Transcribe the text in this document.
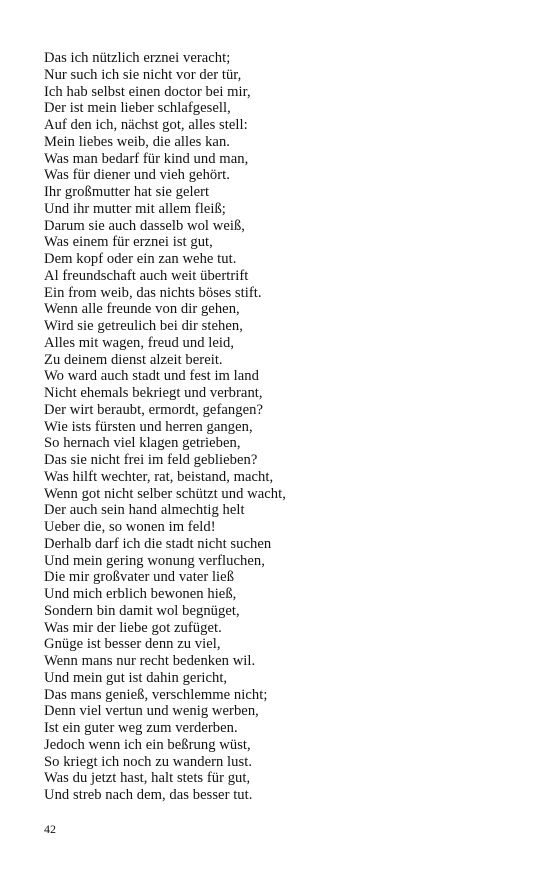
Das ich nützlich erznei veracht;
Nur such ich sie nicht vor der tür,
Ich hab selbst einen doctor bei mir,
Der ist mein lieber schlafgesell,
Auf den ich, nächst got, alles stell:
Mein liebes weib, die alles kan.
Was man bedarf für kind und man,
Was für diener und vieh gehört.
Ihr großmutter hat sie gelert
Und ihr mutter mit allem fleiß;
Darum sie auch dasselb wol weiß,
Was einem für erznei ist gut,
Dem kopf oder ein zan wehe tut.
Al freundschaft auch weit übertrift
Ein from weib, das nichts böses stift.
Wenn alle freunde von dir gehen,
Wird sie getreulich bei dir stehen,
Alles mit wagen, freud und leid,
Zu deinem dienst alzeit bereit.
Wo ward auch stadt und fest im land
Nicht ehemals bekriegt und verbrant,
Der wirt beraubt, ermordt, gefangen?
Wie ists fürsten und herren gangen,
So hernach viel klagen getrieben,
Das sie nicht frei im feld geblieben?
Was hilft wechter, rat, beistand, macht,
Wenn got nicht selber schützt und wacht,
Der auch sein hand almechtig helt
Ueber die, so wonen im feld!
Derhalb darf ich die stadt nicht suchen
Und mein gering wonung verfluchen,
Die mir großvater und vater ließ
Und mich erblich bewonen hieß,
Sondern bin damit wol begnüget,
Was mir der liebe got zufüget.
Gnüge ist besser denn zu viel,
Wenn mans nur recht bedenken wil.
Und mein gut ist dahin gericht,
Das mans genieß, verschlemme nicht;
Denn viel vertun und wenig werben,
Ist ein guter weg zum verderben.
Jedoch wenn ich ein beßrung wüst,
So kriegt ich noch zu wandern lust.
Was du jetzt hast, halt stets für gut,
Und streb nach dem, das besser tut.
42
